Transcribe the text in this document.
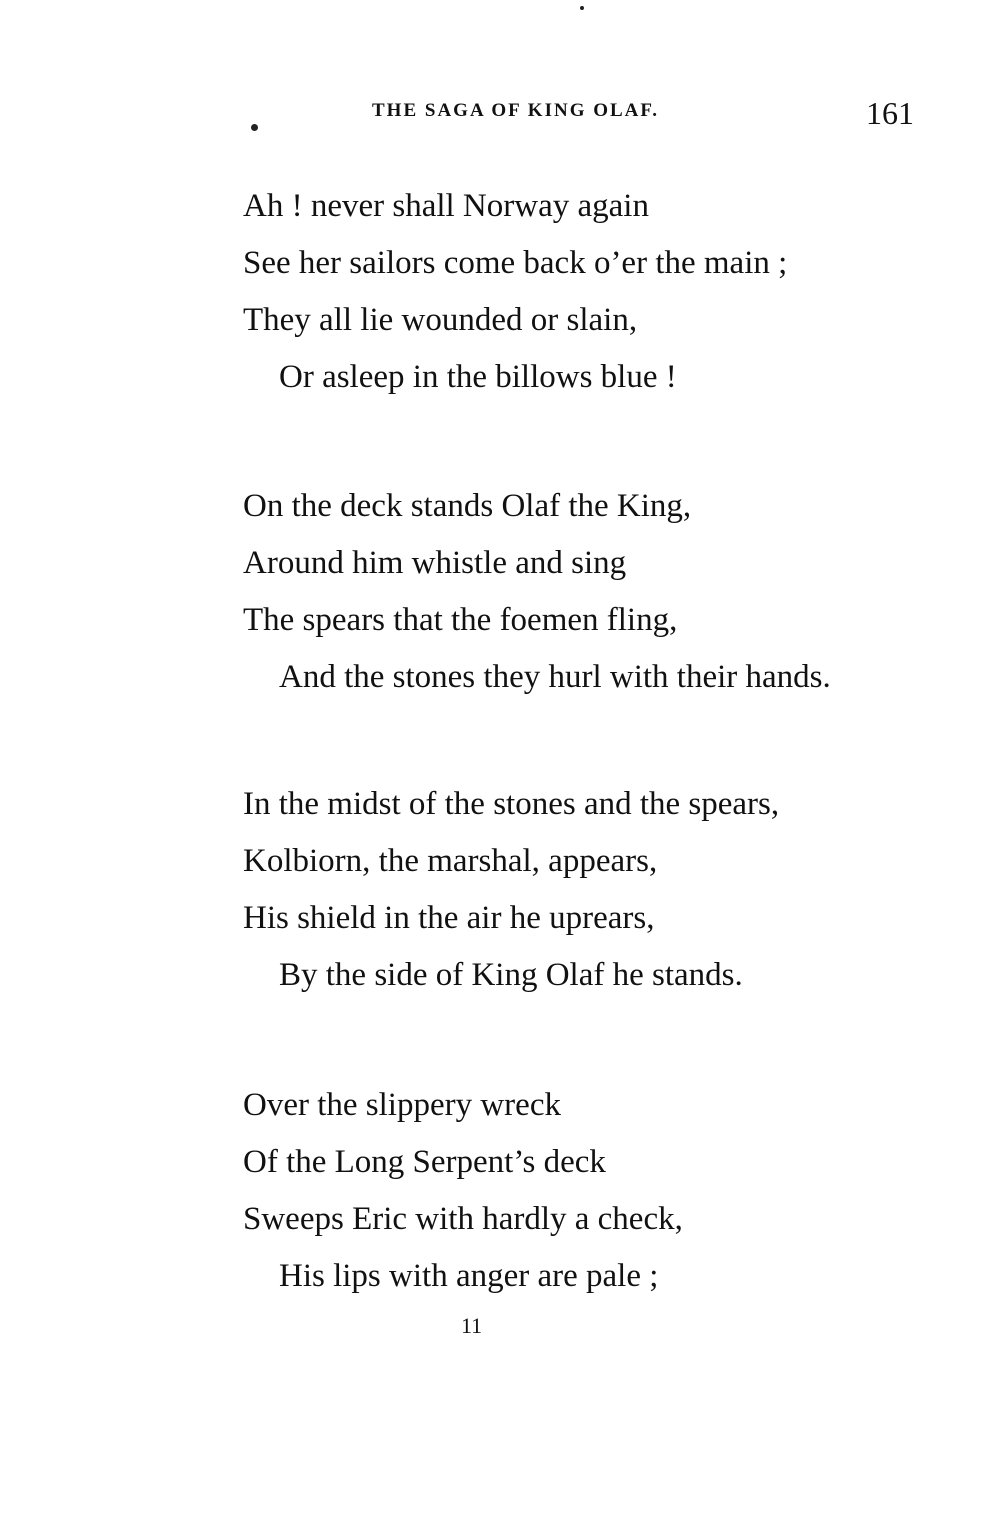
THE SAGA OF KING OLAF.	161
Ah ! never shall Norway again
See her sailors come back o’er the main ;
They all lie wounded or slain,
Or asleep in the billows blue !
On the deck stands Olaf the King,
Around him whistle and sing
The spears that the foemen fling,
And the stones they hurl with their hands.
In the midst of the stones and the spears,
Kolbiorn, the marshal, appears,
His shield in the air he uprears,
By the side of King Olaf he stands.
Over the slippery wreck
Of the Long Serpent’s deck
Sweeps Eric with hardly a check,
His lips with anger are pale ;
11
